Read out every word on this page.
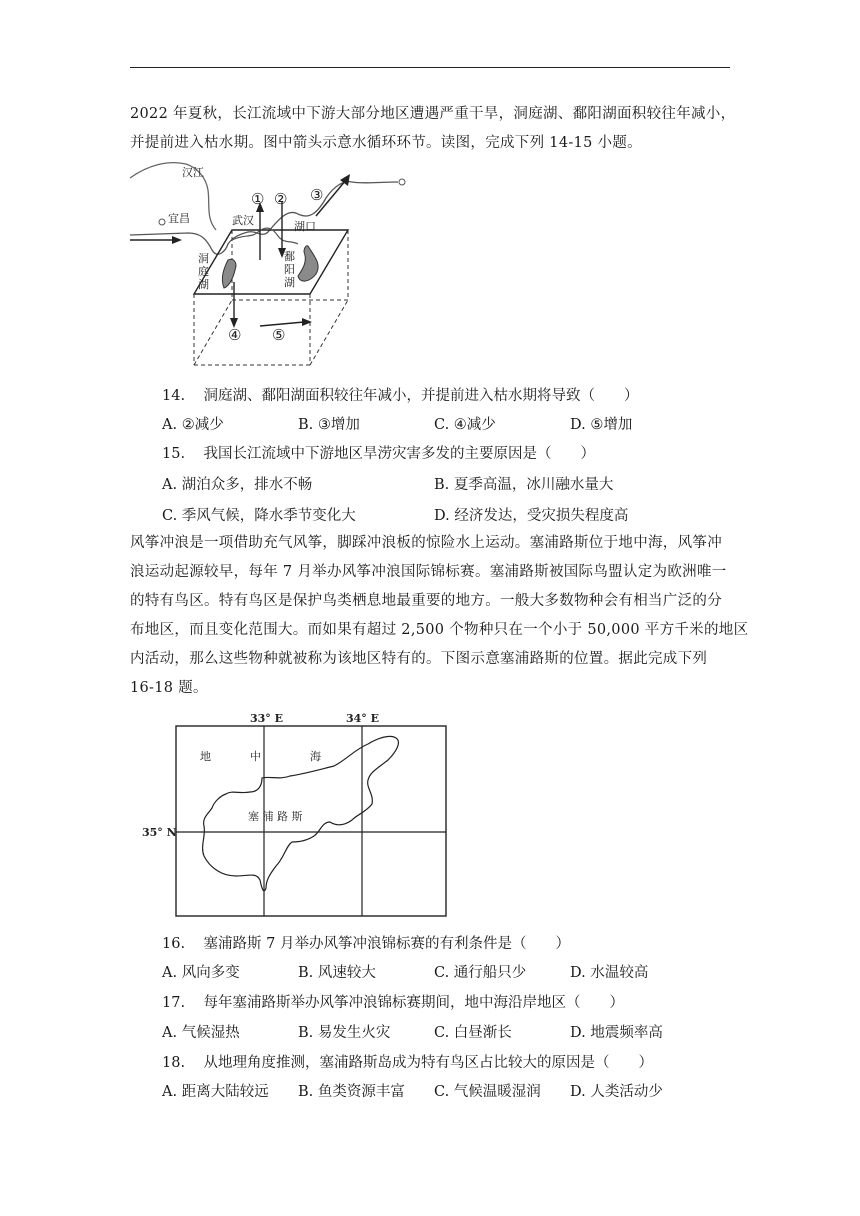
2022 年夏秋，长江流域中下游大部分地区遭遇严重干旱，洞庭湖、鄱阳湖面积较往年减小，
并提前进入枯水期。图中箭头示意水循环环节。读图，完成下列 14-15 小题。
汉江
宜昌	武汉	湖口
洞
庭
湖
鄱
阳
湖
① ② ③
④ ⑤
14. 洞庭湖、鄱阳湖面积较往年减小，并提前进入枯水期将导致（　　）
A. ②减少	B. ③增加	C. ④减少	D. ⑤增加
15. 我国长江流域中下游地区旱涝灾害多发的主要原因是（　　）
A. 湖泊众多，排水不畅	B. 夏季高温，冰川融水量大
C. 季风气候，降水季节变化大	D. 经济发达，受灾损失程度高
风筝冲浪是一项借助充气风筝，脚踩冲浪板的惊险水上运动。塞浦路斯位于地中海，风筝冲
浪运动起源较早，每年 7 月举办风筝冲浪国际锦标赛。塞浦路斯被国际鸟盟认定为欧洲唯一
的特有鸟区。特有鸟区是保护鸟类栖息地最重要的地方。一般大多数物种会有相当广泛的分
布地区，而且变化范围大。而如果有超过 2,500 个物种只在一个小于 50,000 平方千米的地区
内活动，那么这些物种就被称为该地区特有的。下图示意塞浦路斯的位置。据此完成下列
16-18 题。
33° E	34° E
35° N
地	中	海
塞 浦 路 斯
16. 塞浦路斯 7 月举办风筝冲浪锦标赛的有利条件是（　　）
A. 风向多变	B. 风速较大	C. 通行船只少	D. 水温较高
17. 每年塞浦路斯举办风筝冲浪锦标赛期间，地中海沿岸地区（　　）
A. 气候湿热	B. 易发生火灾	C. 白昼渐长	D. 地震频率高
18. 从地理角度推测，塞浦路斯岛成为特有鸟区占比较大的原因是（　　）
A. 距离大陆较远 B. 鱼类资源丰富 C. 气候温暖湿润 D. 人类活动少
